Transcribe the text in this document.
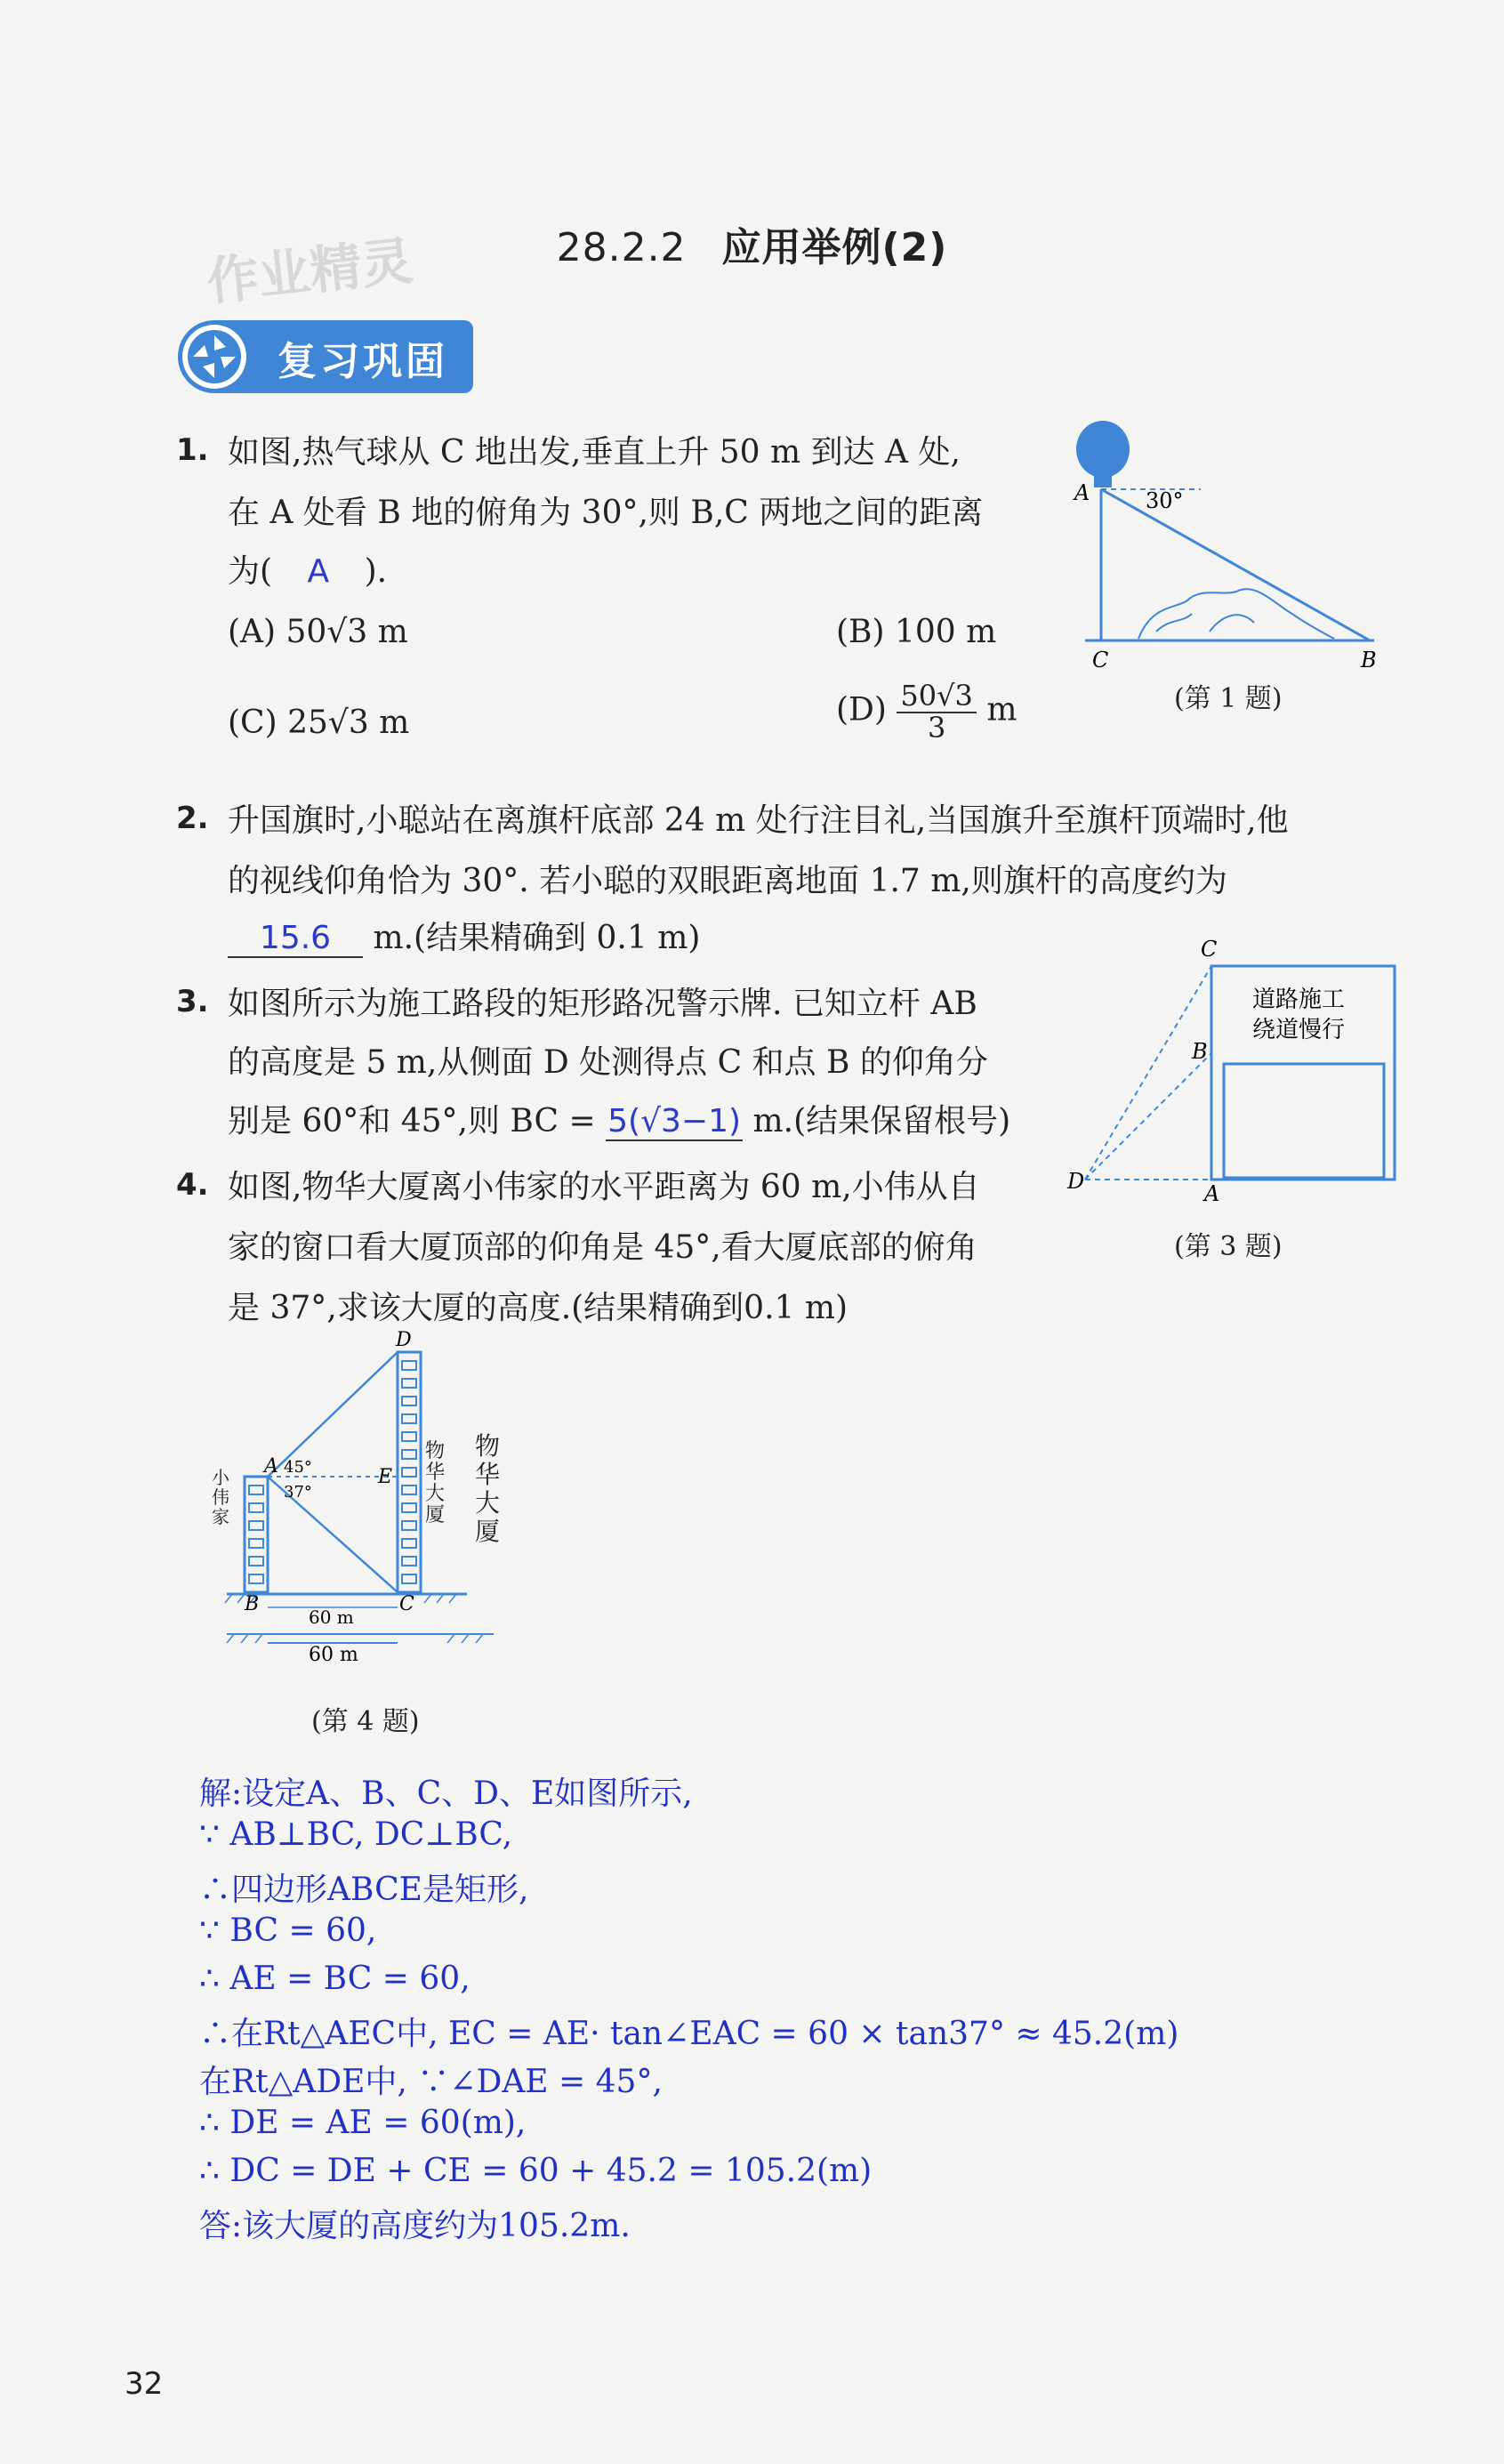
作业精灵	28.2.2 应用举例(2)
复习巩固
1. 如图,热气球从 C 地出发,垂直上升 50 m 到达 A 处,
在 A 处看 B 地的俯角为 30°,则 B,C 两地之间的距离
为( A ).
(A) 50√3 m	(B) 100 m
(C) 25√3 m	$(D) \frac{50√3}{3}$ m
30°
A
C	B
(第 1 题)
2. 升国旗时,小聪站在离旗杆底部 24 m 处行注目礼,当国旗升至旗杆顶端时,他
的视线仰角恰为 30°. 若小聪的双眼距离地面 1.7 m,则旗杆的高度约为
15.6 m.(结果精确到 0.1 m)
3. 如图所示为施工路段的矩形路况警示牌. 已知立杆 AB
的高度是 5 m,从侧面 D 处测得点 C 和点 B 的仰角分
别是 60°和 45°,则 BC = 5(√3−1) m.(结果保留根号)
道路施工
绕道慢行
C
B
D	A
(第 3 题)
4. 如图,物华大厦离小伟家的水平距离为 60 m,小伟从自
家的窗口看大厦顶部的仰角是 45°,看大厦底部的俯角
是 37°,求该大厦的高度.(结果精确到0.1 m)
60 m
60 m
A
B	C
D
E
45°
37°
小伟家
物华大厦
物华大厦
(第 4 题)
解:设定A、B、C、D、E如图所示,
∵ AB⊥BC, DC⊥BC,
∴四边形ABCE是矩形,
∵ BC = 60,
∴ AE = BC = 60,
∴在Rt△AEC中, EC = AE· tan∠EAC = 60 × tan37° ≈ 45.2(m)
在Rt△ADE中, ∵∠DAE = 45°,
∴ DE = AE = 60(m),
∴ DC = DE + CE = 60 + 45.2 = 105.2(m)
答:该大厦的高度约为105.2m.
32
